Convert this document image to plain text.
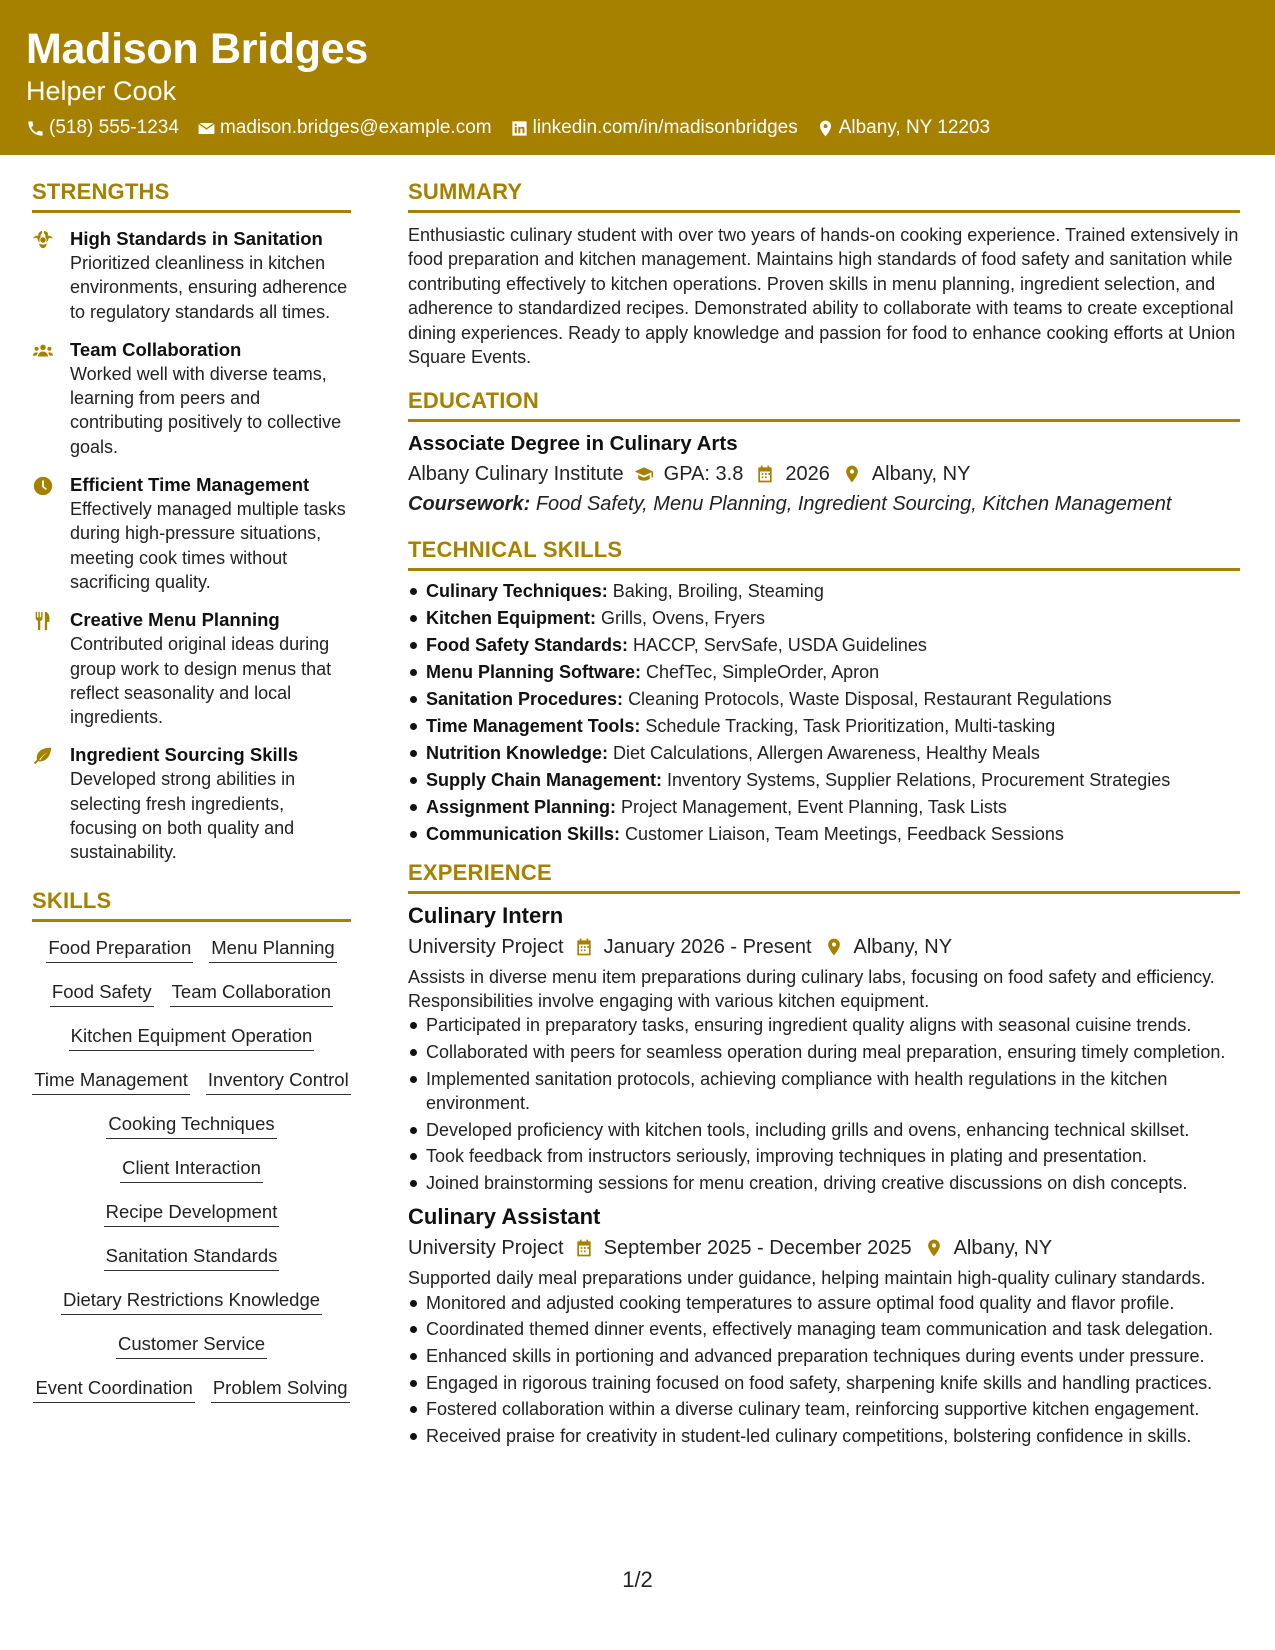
Madison Bridges
Helper Cook
(518) 555-1234 madison.bridges@example.com linkedin.com/in/madisonbridges Albany, NY 12203
STRENGTHS
High Standards in Sanitation
Prioritized cleanliness in kitchen environments, ensuring adherence to regulatory standards all times.
Team Collaboration
Worked well with diverse teams, learning from peers and contributing positively to collective goals.
Efficient Time Management
Effectively managed multiple tasks during high-pressure situations, meeting cook times without sacrificing quality.
Creative Menu Planning
Contributed original ideas during group work to design menus that reflect seasonality and local ingredients.
Ingredient Sourcing Skills
Developed strong abilities in selecting fresh ingredients, focusing on both quality and sustainability.
SKILLS
Food Preparation Menu Planning
Food Safety Team Collaboration
Kitchen Equipment Operation
Time Management Inventory Control
Cooking Techniques
Client Interaction
Recipe Development
Sanitation Standards
Dietary Restrictions Knowledge
Customer Service
Event Coordination Problem Solving
SUMMARY
Enthusiastic culinary student with over two years of hands-on cooking experience. Trained extensively in food preparation and kitchen management. Maintains high standards of food safety and sanitation while contributing effectively to kitchen operations. Proven skills in menu planning, ingredient selection, and adherence to standardized recipes. Demonstrated ability to collaborate with teams to create exceptional dining experiences. Ready to apply knowledge and passion for food to enhance cooking efforts at Union Square Events.
EDUCATION
Associate Degree in Culinary Arts
Albany Culinary Institute GPA: 3.8 2026 Albany, NY
Coursework: Food Safety, Menu Planning, Ingredient Sourcing, Kitchen Management
TECHNICAL SKILLS
Culinary Techniques: Baking, Broiling, Steaming
Kitchen Equipment: Grills, Ovens, Fryers
Food Safety Standards: HACCP, ServSafe, USDA Guidelines
Menu Planning Software: ChefTec, SimpleOrder, Apron
Sanitation Procedures: Cleaning Protocols, Waste Disposal, Restaurant Regulations
Time Management Tools: Schedule Tracking, Task Prioritization, Multi-tasking
Nutrition Knowledge: Diet Calculations, Allergen Awareness, Healthy Meals
Supply Chain Management: Inventory Systems, Supplier Relations, Procurement Strategies
Assignment Planning: Project Management, Event Planning, Task Lists
Communication Skills: Customer Liaison, Team Meetings, Feedback Sessions
EXPERIENCE
Culinary Intern
University Project January 2026 - Present Albany, NY
Assists in diverse menu item preparations during culinary labs, focusing on food safety and efficiency. Responsibilities involve engaging with various kitchen equipment.
Participated in preparatory tasks, ensuring ingredient quality aligns with seasonal cuisine trends.
Collaborated with peers for seamless operation during meal preparation, ensuring timely completion.
Implemented sanitation protocols, achieving compliance with health regulations in the kitchen environment.
Developed proficiency with kitchen tools, including grills and ovens, enhancing technical skillset.
Took feedback from instructors seriously, improving techniques in plating and presentation.
Joined brainstorming sessions for menu creation, driving creative discussions on dish concepts.
Culinary Assistant
University Project September 2025 - December 2025 Albany, NY
Supported daily meal preparations under guidance, helping maintain high-quality culinary standards.
Monitored and adjusted cooking temperatures to assure optimal food quality and flavor profile.
Coordinated themed dinner events, effectively managing team communication and task delegation.
Enhanced skills in portioning and advanced preparation techniques during events under pressure.
Engaged in rigorous training focused on food safety, sharpening knife skills and handling practices.
Fostered collaboration within a diverse culinary team, reinforcing supportive kitchen engagement.
Received praise for creativity in student-led culinary competitions, bolstering confidence in skills.
1/2
